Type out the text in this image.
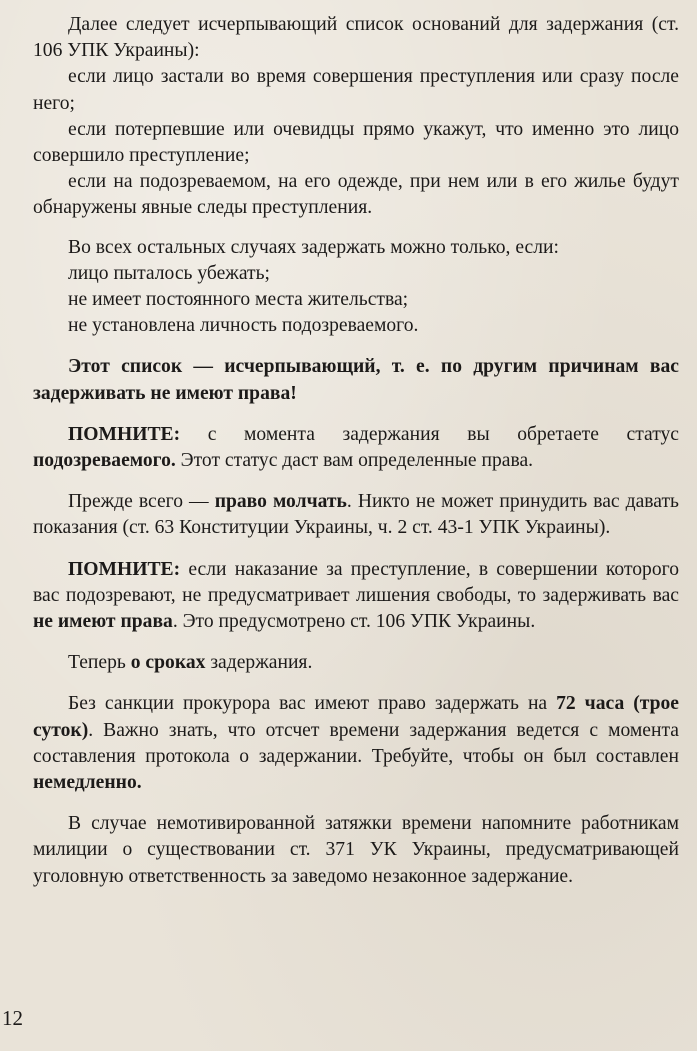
Далее следует исчерпывающий список оснований для задержания (ст. 106 УПК Украины):

если лицо застали во время совершения преступления или сразу после него;

если потерпевшие или очевидцы прямо укажут, что именно это лицо совершило преступление;

если на подозреваемом, на его одежде, при нем или в его жилье будут обнаружены явные следы преступления.

Во всех остальных случаях задержать можно только, если:

лицо пыталось убежать;

не имеет постоянного места жительства;

не установлена личность подозреваемого.

Этот список — исчерпывающий, т. е. по другим причинам вас задерживать не имеют права!

ПОМНИТЕ: с момента задержания вы обретаете статус подозреваемого. Этот статус даст вам определенные права.

Прежде всего — право молчать. Никто не может принудить вас давать показания (ст. 63 Конституции Украины, ч. 2 ст. 43-1 УПК Украины).

ПОМНИТЕ: если наказание за преступление, в совершении которого вас подозревают, не предусматривает лишения свободы, то задерживать вас не имеют права. Это предусмотрено ст. 106 УПК Украины.

Теперь о сроках задержания.

Без санкции прокурора вас имеют право задержать на 72 часа (трое суток). Важно знать, что отсчет времени задержания ведется с момента составления протокола о задержании. Требуйте, чтобы он был составлен немедленно.

В случае немотивированной затяжки времени напомните работникам милиции о существовании ст. 371 УК Украины, предусматривающей уголовную ответственность за заведомо незаконное задержание.

12
